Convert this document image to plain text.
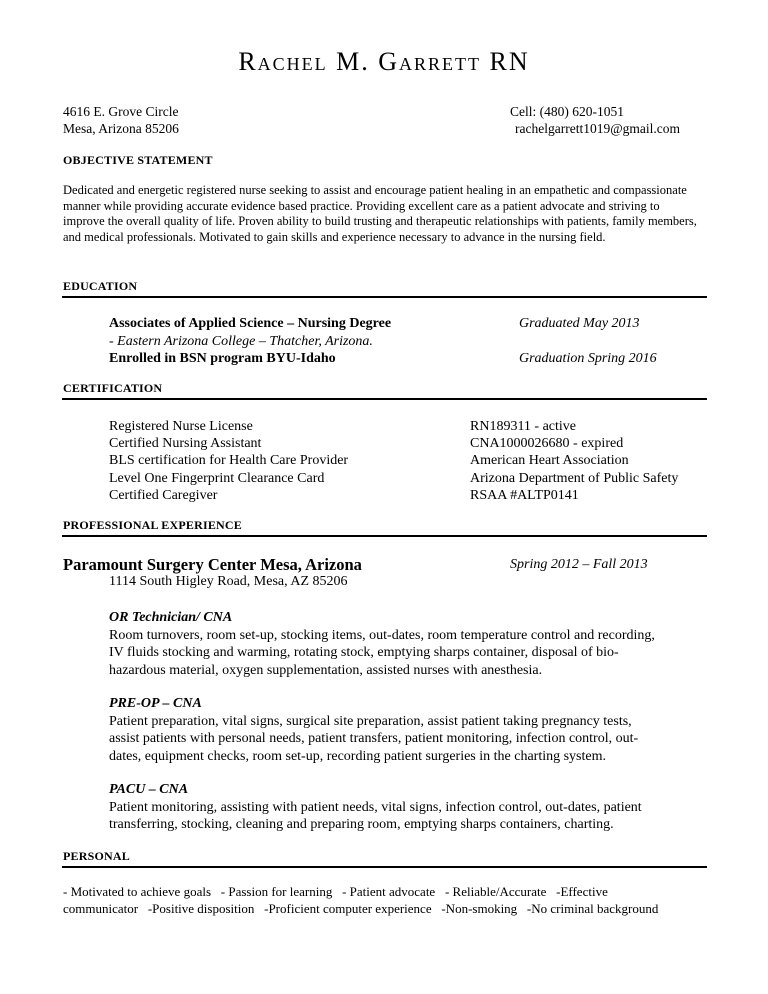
Rachel M. Garrett RN
4616 E. Grove Circle
Mesa, Arizona 85206
Cell: (480) 620-1051
rachelgarrett1019@gmail.com
OBJECTIVE STATEMENT
Dedicated and energetic registered nurse seeking to assist and encourage patient healing in an empathetic and compassionate manner while providing accurate evidence based practice. Providing excellent care as a patient advocate and striving to improve the overall quality of life. Proven ability to build trusting and therapeutic relationships with patients, family members, and medical professionals. Motivated to gain skills and experience necessary to advance in the nursing field.
EDUCATION
Associates of Applied Science – Nursing Degree
- Eastern Arizona College – Thatcher, Arizona.
Enrolled in BSN program BYU-Idaho
Graduated May 2013
Graduation Spring 2016
CERTIFICATION
Registered Nurse License
Certified Nursing Assistant
BLS certification for Health Care Provider
Level One Fingerprint Clearance Card
Certified Caregiver
RN189311 - active
CNA1000026680 - expired
American Heart Association
Arizona Department of Public Safety
RSAA #ALTP0141
PROFESSIONAL EXPERIENCE
Paramount Surgery Center Mesa, Arizona	Spring 2012 – Fall 2013
1114 South Higley Road, Mesa, AZ 85206
OR Technician/ CNA
Room turnovers, room set-up, stocking items, out-dates, room temperature control and recording,
IV fluids stocking and warming, rotating stock, emptying sharps container, disposal of bio-
hazardous material, oxygen supplementation, assisted nurses with anesthesia.
PRE-OP – CNA
Patient preparation, vital signs, surgical site preparation, assist patient taking pregnancy tests,
assist patients with personal needs, patient transfers, patient monitoring, infection control, out-
dates, equipment checks, room set-up, recording patient surgeries in the charting system.
PACU – CNA
Patient monitoring, assisting with patient needs, vital signs, infection control, out-dates, patient
transferring, stocking, cleaning and preparing room, emptying sharps containers, charting.
PERSONAL
- Motivated to achieve goals   - Passion for learning   - Patient advocate   - Reliable/Accurate   -Effective
communicator   -Positive disposition   -Proficient computer experience   -Non-smoking   -No criminal background
